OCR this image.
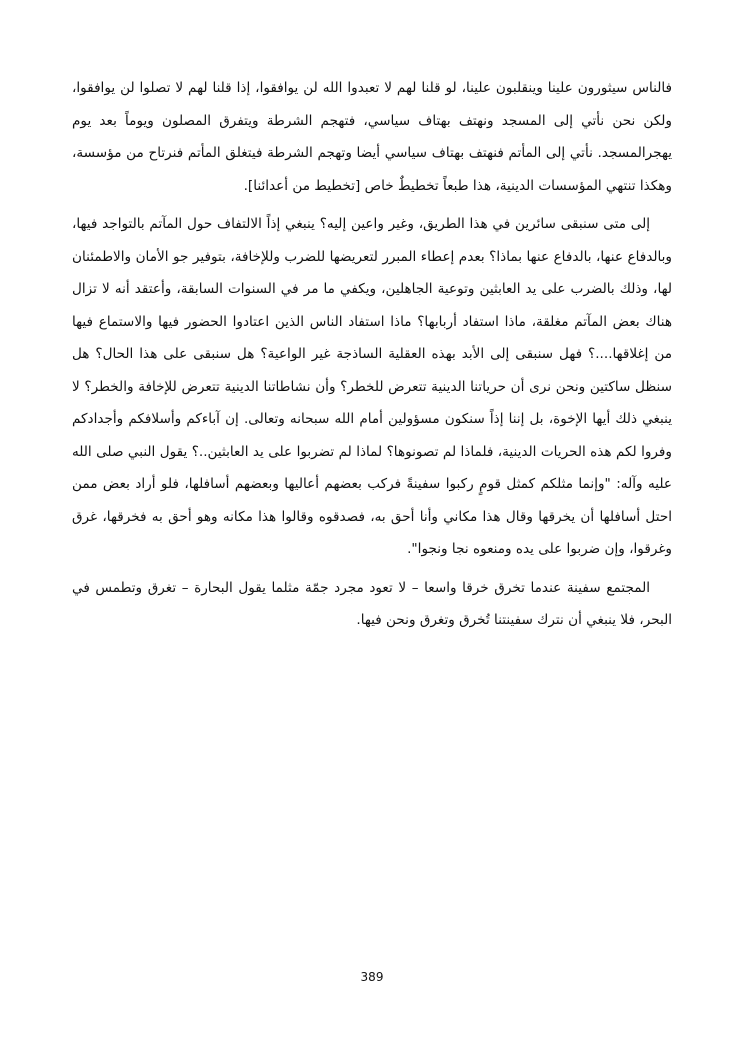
فالناس سيثورون علينا وينقلبون علينا، لو قلنا لهم لا تعبدوا الله لن يوافقوا، إذا قلنا لهم لا تصلوا لن يوافقوا، ولكن نحن نأتي إلى المسجد ونهتف بهتاف سياسي، فتهجم الشرطة ويتفرق المصلون ويوماً بعد يوم يهجرالمسجد. نأتي إلى المأتم فنهتف بهتاف سياسي أيضا وتهجم الشرطة فيتغلق المأتم فنرتاح من مؤسسة، وهكذا تنتهي المؤسسات الدينية، هذا طبعاً تخطيطٌ خاص [تخطيط من أعدائنا].

إلى متى سنبقى سائرين في هذا الطريق، وغير واعين إليه؟ ينبغي إذاً الالتفاف حول المآتم بالتواجد فيها، وبالدفاع عنها، بالدفاع عنها بماذا؟ بعدم إعطاء المبرر لتعريضها للضرب وللإخافة، بتوفير جو الأمان والاطمئنان لها، وذلك بالضرب على يد العابثين وتوعية الجاهلين، ويكفي ما مر في السنوات السابقة، وأعتقد أنه لا تزال هناك بعض المآتم مغلقة، ماذا استفاد أربابها؟ ماذا استفاد الناس الذين اعتادوا الحضور فيها والاستماع فيها من إغلاقها....؟ فهل سنبقى إلى الأبد بهذه العقلية الساذجة غير الواعية؟ هل سنبقى على هذا الحال؟ هل سنظل ساكتين ونحن نرى أن حرياتنا الدينية تتعرض للخطر؟ وأن نشاطاتنا الدينية تتعرض للإخافة والخطر؟ لا ينبغي ذلك أيها الإخوة، بل إننا إذاً سنكون مسؤولين أمام الله سبحانه وتعالى. إن آباءكم وأسلافكم وأجدادكم وفروا لكم هذه الحريات الدينية، فلماذا لم تصونوها؟ لماذا لم تضربوا على يد العابثين..؟ يقول النبي صلى الله عليه وآله: "وإنما مثلكم كمثل قومٍ ركبوا سفينةً فركب بعضهم أعاليها وبعضهم أسافلها، فلو أراد بعض ممن احتل أسافلها أن يخرقها وقال هذا مكاني وأنا أحق به، فصدقوه وقالوا هذا مكانه وهو أحق به فخرقها، غرق وغرقوا، وإن ضربوا على يده ومنعوه نجا ونجوا".

المجتمع سفينة عندما تخرق خرقا واسعا – لا تعود مجرد جمّة مثلما يقول البحارة – تغرق وتطمس في البحر، فلا ينبغي أن نترك سفينتنا تُخرق وتغرق ونحن فيها.

389
